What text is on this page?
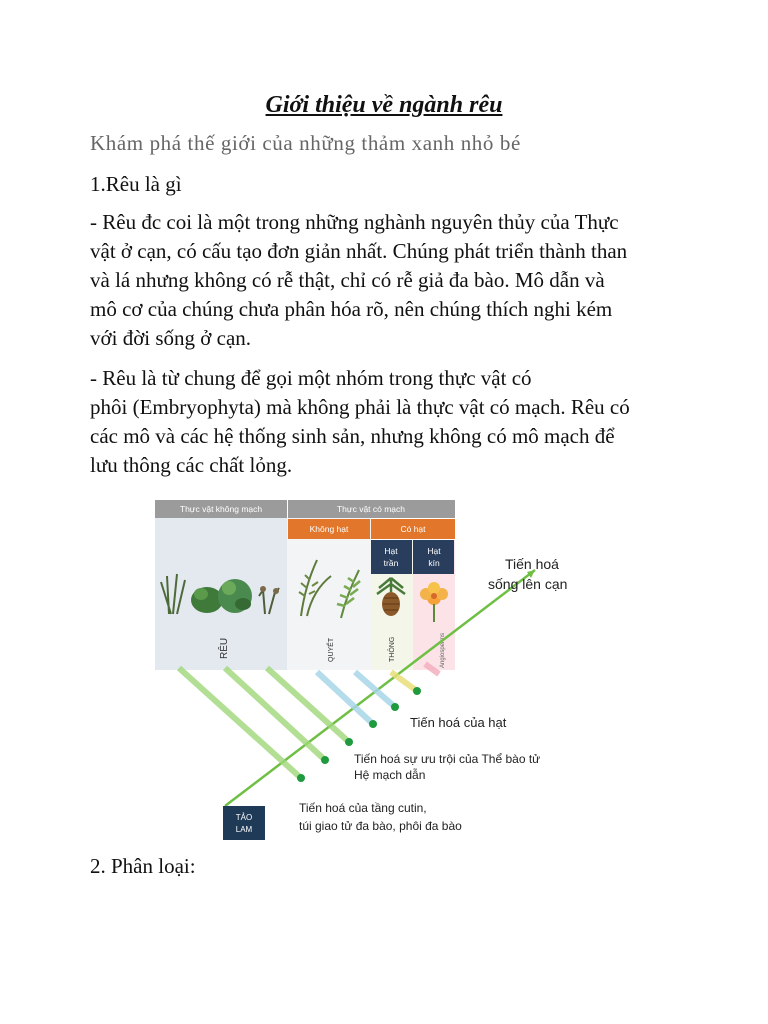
Giới thiệu về ngành rêu
Khám phá thế giới của những thảm xanh nhỏ bé
1.Rêu là gì
- Rêu đc coi là một trong những nghành nguyên thủy của Thực
vật ở cạn, có cấu tạo đơn giản nhất. Chúng phát triển thành than
và lá nhưng không có rễ thật, chỉ có rễ giả đa bào. Mô dẫn và
mô cơ của chúng chưa phân hóa rõ, nên chúng thích nghi kém
với đời sống ở cạn.
- Rêu là từ chung để gọi một nhóm trong thực vật có
phôi (Embryophyta) mà không phải là thực vật có mạch. Rêu có
các mô và các hệ thống sinh sản, nhưng không có mô mạch để
lưu thông các chất lỏng.
Thực vật không mạch	Thực vật có mạch
Không hạt	Có hạt
Hạt
trần
Hạt
kín
RÊU	QUYẾT	THÔNG	Angiosperms
TẢO
LAM
Tiến hoá
sống lên cạn
Tiến hoá của hạt
Tiến hoá sự ưu trội của Thể bào tử
Hệ mạch dẫn
Tiến hoá của tầng cutin,
túi giao tử đa bào, phôi đa bào
2. Phân loại:
